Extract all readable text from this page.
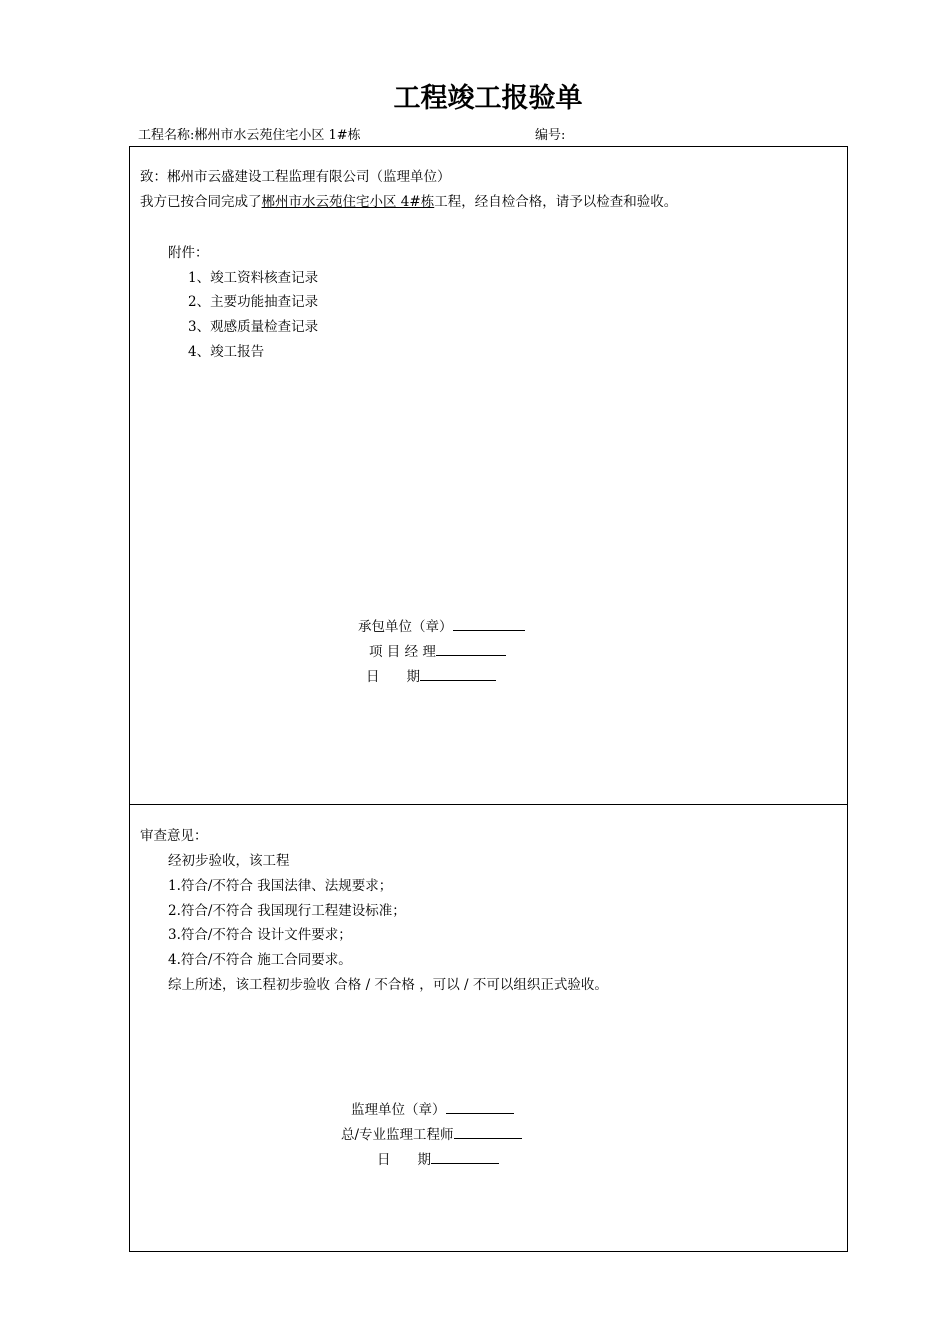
工程竣工报验单
工程名称:郴州市水云苑住宅小区 1#栋	编号:
致：郴州市云盛建设工程监理有限公司（监理单位）
我方已按合同完成了郴州市水云苑住宅小区 4#栋工程，经自检合格，请予以检查和验收。
附件：
1、竣工资料核查记录
2、主要功能抽查记录
3、观感质量检查记录
4、竣工报告
承包单位（章）
项 目 经 理
日　　期
审查意见：
经初步验收，该工程
1.符合/不符合 我国法律、法规要求；
2.符合/不符合 我国现行工程建设标准；
3.符合/不符合 设计文件要求；
4.符合/不符合 施工合同要求。
综上所述，该工程初步验收 合格 / 不合格 ，可以 / 不可以组织正式验收。
监理单位（章）
总/专业监理工程师
日　　期
